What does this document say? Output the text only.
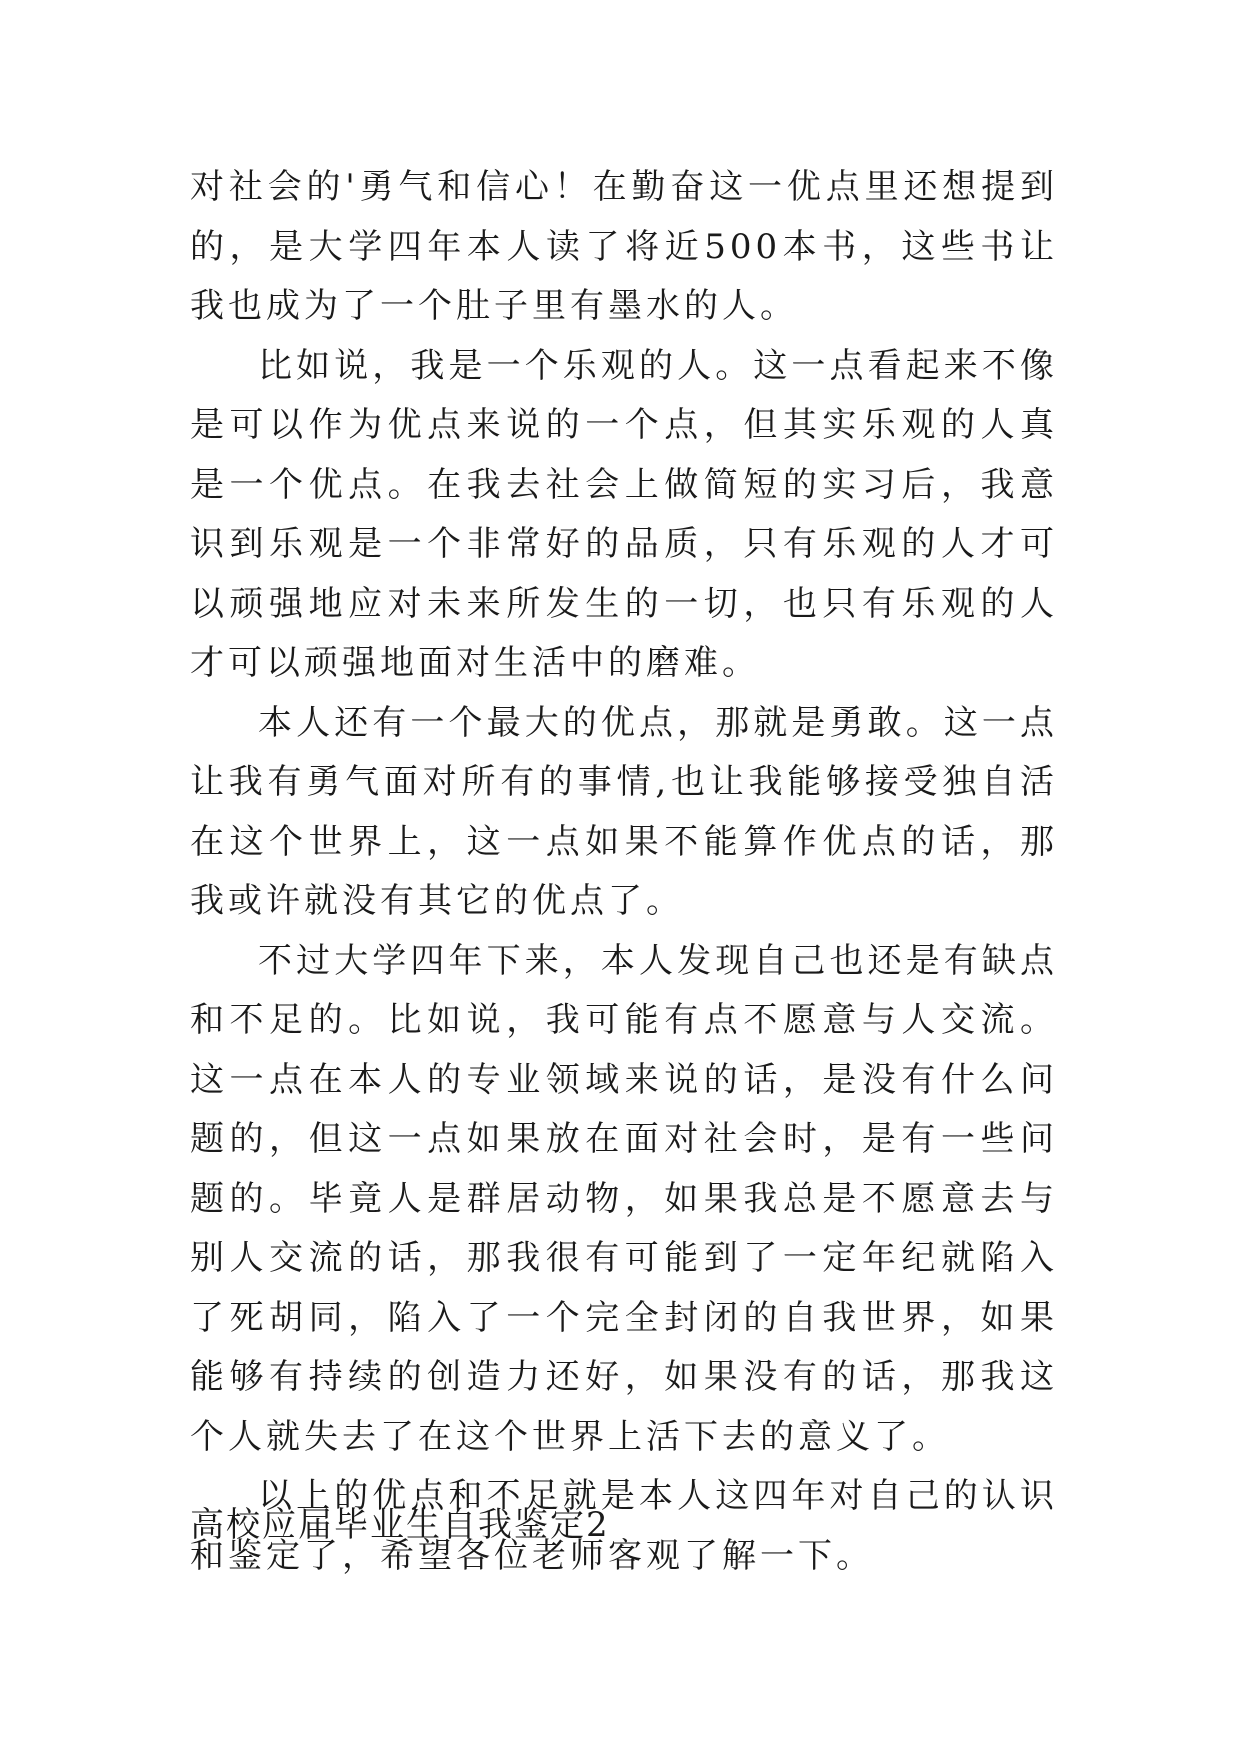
对社会的'勇气和信心！在勤奋这一优点里还想提到的，是大学四年本人读了将近500本书，这些书让我也成为了一个肚子里有墨水的人。

比如说，我是一个乐观的人。这一点看起来不像是可以作为优点来说的一个点，但其实乐观的人真是一个优点。在我去社会上做简短的实习后，我意识到乐观是一个非常好的品质，只有乐观的人才可以顽强地应对未来所发生的一切，也只有乐观的人才可以顽强地面对生活中的磨难。

本人还有一个最大的优点，那就是勇敢。这一点让我有勇气面对所有的事情,也让我能够接受独自活在这个世界上，这一点如果不能算作优点的话，那我或许就没有其它的优点了。

不过大学四年下来，本人发现自己也还是有缺点和不足的。比如说，我可能有点不愿意与人交流。这一点在本人的专业领域来说的话，是没有什么问题的，但这一点如果放在面对社会时，是有一些问题的。毕竟人是群居动物，如果我总是不愿意去与别人交流的话，那我很有可能到了一定年纪就陷入了死胡同，陷入了一个完全封闭的自我世界，如果能够有持续的创造力还好，如果没有的话，那我这个人就失去了在这个世界上活下去的意义了。

以上的优点和不足就是本人这四年对自己的认识和鉴定了，希望各位老师客观了解一下。

高校应届毕业生自我鉴定2
